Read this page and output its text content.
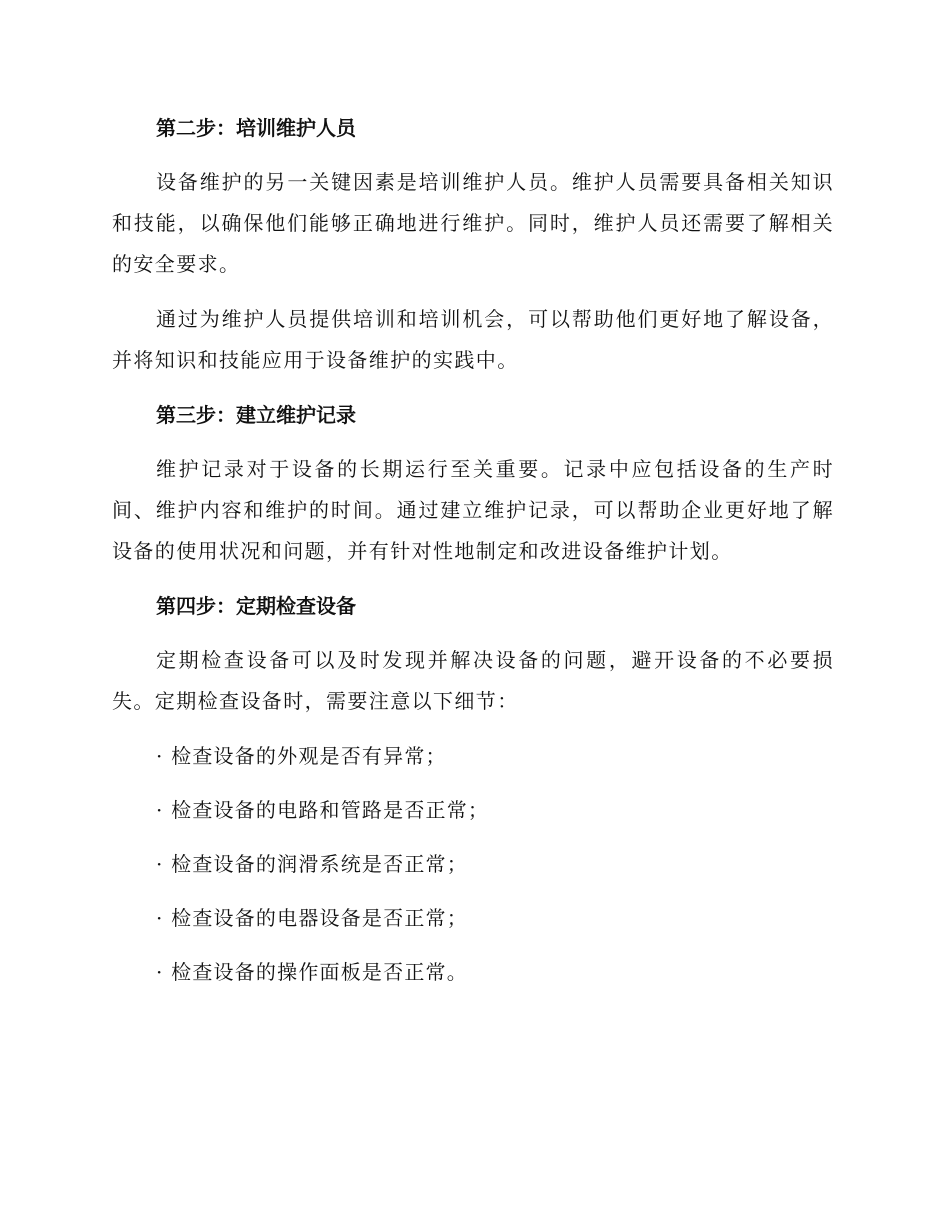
第二步：培训维护人员

设备维护的另一关键因素是培训维护人员。维护人员需要具备相关知识和技能，以确保他们能够正确地进行维护。同时，维护人员还需要了解相关的安全要求。

通过为维护人员提供培训和培训机会，可以帮助他们更好地了解设备，并将知识和技能应用于设备维护的实践中。

第三步：建立维护记录

维护记录对于设备的长期运行至关重要。记录中应包括设备的生产时间、维护内容和维护的时间。通过建立维护记录，可以帮助企业更好地了解设备的使用状况和问题，并有针对性地制定和改进设备维护计划。

第四步：定期检查设备

定期检查设备可以及时发现并解决设备的问题，避开设备的不必要损失。定期检查设备时，需要注意以下细节：

· 检查设备的外观是否有异常；
· 检查设备的电路和管路是否正常；
· 检查设备的润滑系统是否正常；
· 检查设备的电器设备是否正常；
· 检查设备的操作面板是否正常。
